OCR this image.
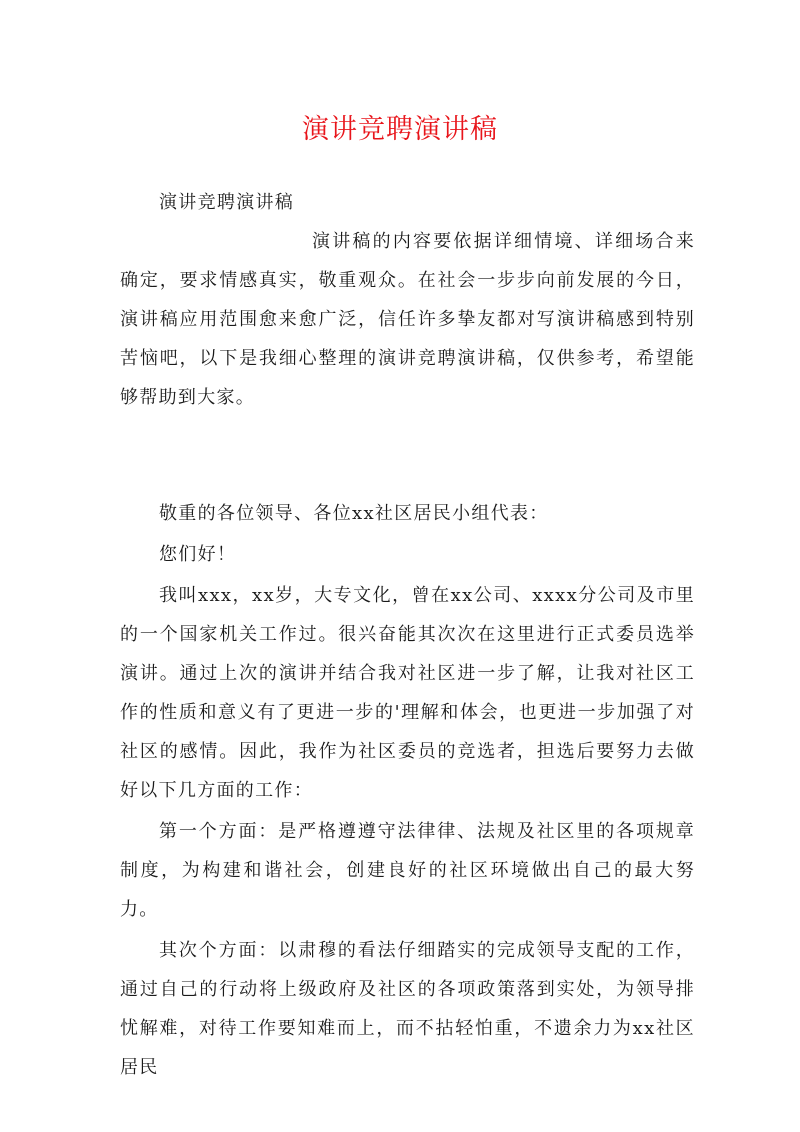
演讲竞聘演讲稿

演讲竞聘演讲稿

演讲稿的内容要依据详细情境、详细场合来确定，要求情感真实，敬重观众。在社会一步步向前发展的今日，演讲稿应用范围愈来愈广泛，信任许多挚友都对写演讲稿感到特别苦恼吧，以下是我细心整理的演讲竞聘演讲稿，仅供参考，希望能够帮助到大家。

敬重的各位领导、各位xx社区居民小组代表：

您们好！

我叫xxx，xx岁，大专文化，曾在xx公司、xxxx分公司及市里的一个国家机关工作过。很兴奋能其次次在这里进行正式委员选举演讲。通过上次的演讲并结合我对社区进一步了解，让我对社区工作的性质和意义有了更进一步的'理解和体会，也更进一步加强了对社区的感情。因此，我作为社区委员的竞选者，担选后要努力去做好以下几方面的工作：

第一个方面：是严格遵遵守法律律、法规及社区里的各项规章制度，为构建和谐社会，创建良好的社区环境做出自己的最大努力。

其次个方面：以肃穆的看法仔细踏实的完成领导支配的工作，通过自己的行动将上级政府及社区的各项政策落到实处，为领导排忧解难，对待工作要知难而上，而不拈轻怕重，不遗余力为xx社区居民
